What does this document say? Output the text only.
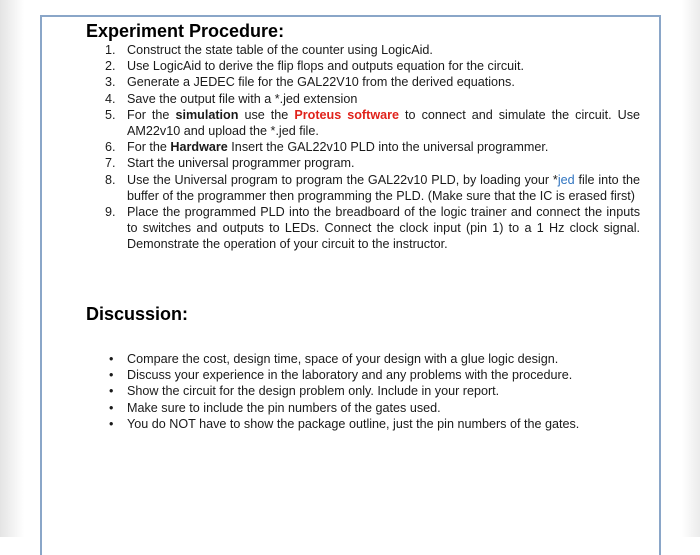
Experiment Procedure:
1. Construct the state table of the counter using LogicAid.
2. Use LogicAid to derive the flip flops and outputs equation for the circuit.
3. Generate a JEDEC file for the GAL22V10 from the derived equations.
4. Save the output file with a *.jed extension
5. For the simulation use the Proteus software to connect and simulate the circuit. Use AM22v10 and upload the *.jed file.
6. For the Hardware Insert the GAL22v10 PLD into the universal programmer.
7. Start the universal programmer program.
8. Use the Universal program to program the GAL22v10 PLD, by loading your *jed file into the buffer of the programmer then programming the PLD. (Make sure that the IC is erased first)
9. Place the programmed PLD into the breadboard of the logic trainer and connect the inputs to switches and outputs to LEDs. Connect the clock input (pin 1) to a 1 Hz clock signal. Demonstrate the operation of your circuit to the instructor.
Discussion:
• Compare the cost, design time, space of your design with a glue logic design.
• Discuss your experience in the laboratory and any problems with the procedure.
• Show the circuit for the design problem only. Include in your report.
• Make sure to include the pin numbers of the gates used.
• You do NOT have to show the package outline, just the pin numbers of the gates.
